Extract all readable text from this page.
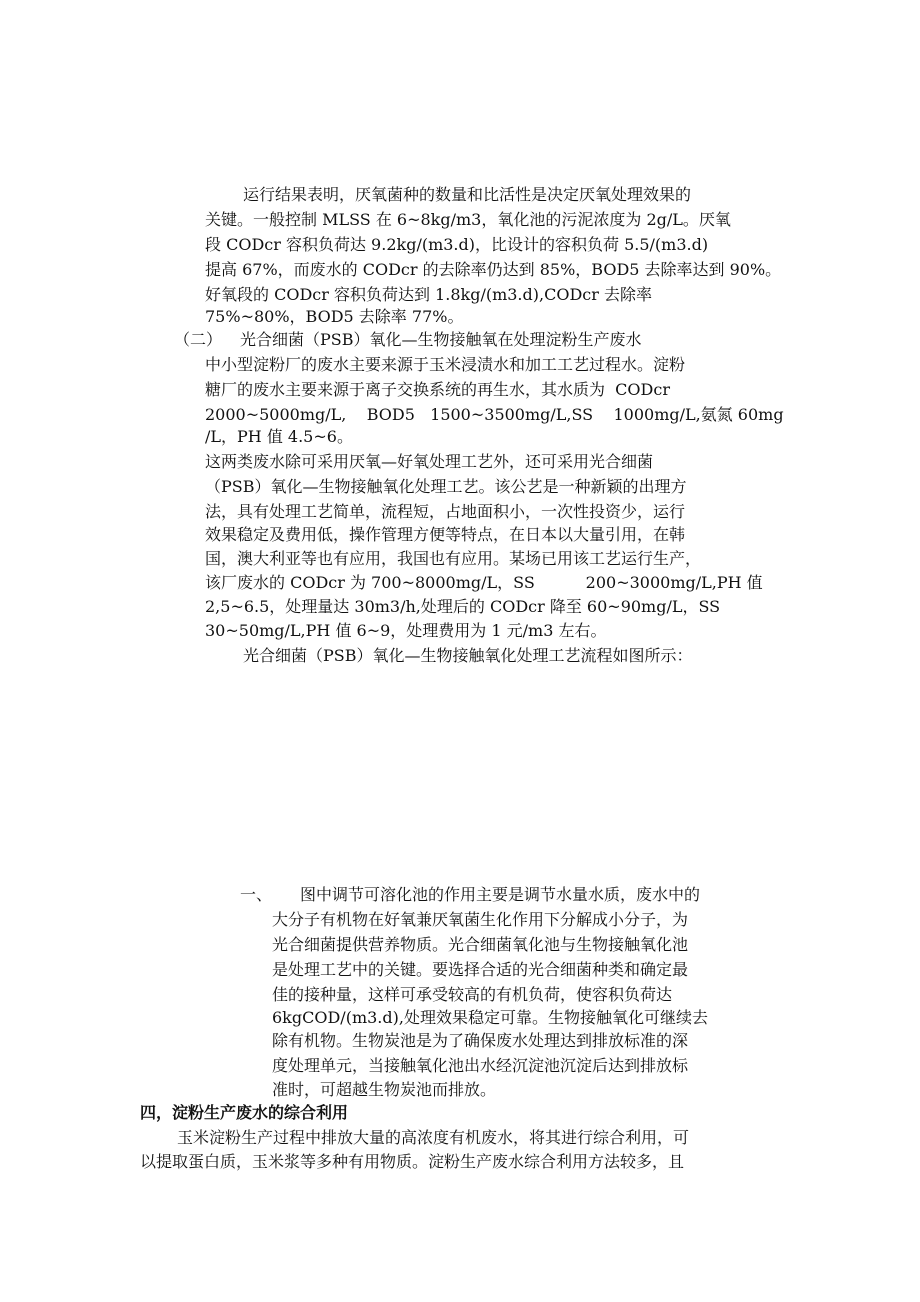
运行结果表明，厌氧菌种的数量和比活性是决定厌氧处理效果的
关键。一般控制 MLSS 在 6~8kg/m3，氧化池的污泥浓度为 2g/L。厌氧
段 CODcr 容积负荷达 9.2kg/(m3.d)，比设计的容积负荷 5.5/(m3.d)
提高 67%，而废水的 CODcr 的去除率仍达到 85%，BOD5 去除率达到 90%。
好氧段的 CODcr 容积负荷达到 1.8kg/(m3.d),CODcr 去除率
75%~80%，BOD5 去除率 77%。
（二） 光合细菌（PSB）氧化—生物接触氧在处理淀粉生产废水
中小型淀粉厂的废水主要来源于玉米浸渍水和加工工艺过程水。淀粉
糖厂的废水主要来源于离子交换系统的再生水，其水质为  CODcr
2000~5000mg/L,    BOD5   1500~3500mg/L,SS    1000mg/L,氨氮 60mg
/L，PH 值 4.5~6。
这两类废水除可采用厌氧—好氧处理工艺外，还可采用光合细菌
（PSB）氧化—生物接触氧化处理工艺。该公艺是一种新颖的出理方
法，具有处理工艺简单，流程短，占地面积小，一次性投资少，运行
效果稳定及费用低，操作管理方便等特点，在日本以大量引用，在韩
国，澳大利亚等也有应用，我国也有应用。某场已用该工艺运行生产，
该厂废水的 CODcr 为 700~8000mg/L，SS          200~3000mg/L,PH 值
2,5~6.5，处理量达 30m3/h,处理后的 CODcr 降至 60~90mg/L，SS
30~50mg/L,PH 值 6~9，处理费用为 1 元/m3 左右。
光合细菌（PSB）氧化—生物接触氧化处理工艺流程如图所示：
一、 图中调节可溶化池的作用主要是调节水量水质，废水中的
大分子有机物在好氧兼厌氧菌生化作用下分解成小分子，为
光合细菌提供营养物质。光合细菌氧化池与生物接触氧化池
是处理工艺中的关键。要选择合适的光合细菌种类和确定最
佳的接种量，这样可承受较高的有机负荷，使容积负荷达
6kgCOD/(m3.d),处理效果稳定可靠。生物接触氧化可继续去
除有机物。生物炭池是为了确保废水处理达到排放标准的深
度处理单元，当接触氧化池出水经沉淀池沉淀后达到排放标
准时，可超越生物炭池而排放。
四，淀粉生产废水的综合利用
玉米淀粉生产过程中排放大量的高浓度有机废水，将其进行综合利用，可
以提取蛋白质，玉米浆等多种有用物质。淀粉生产废水综合利用方法较多，且
